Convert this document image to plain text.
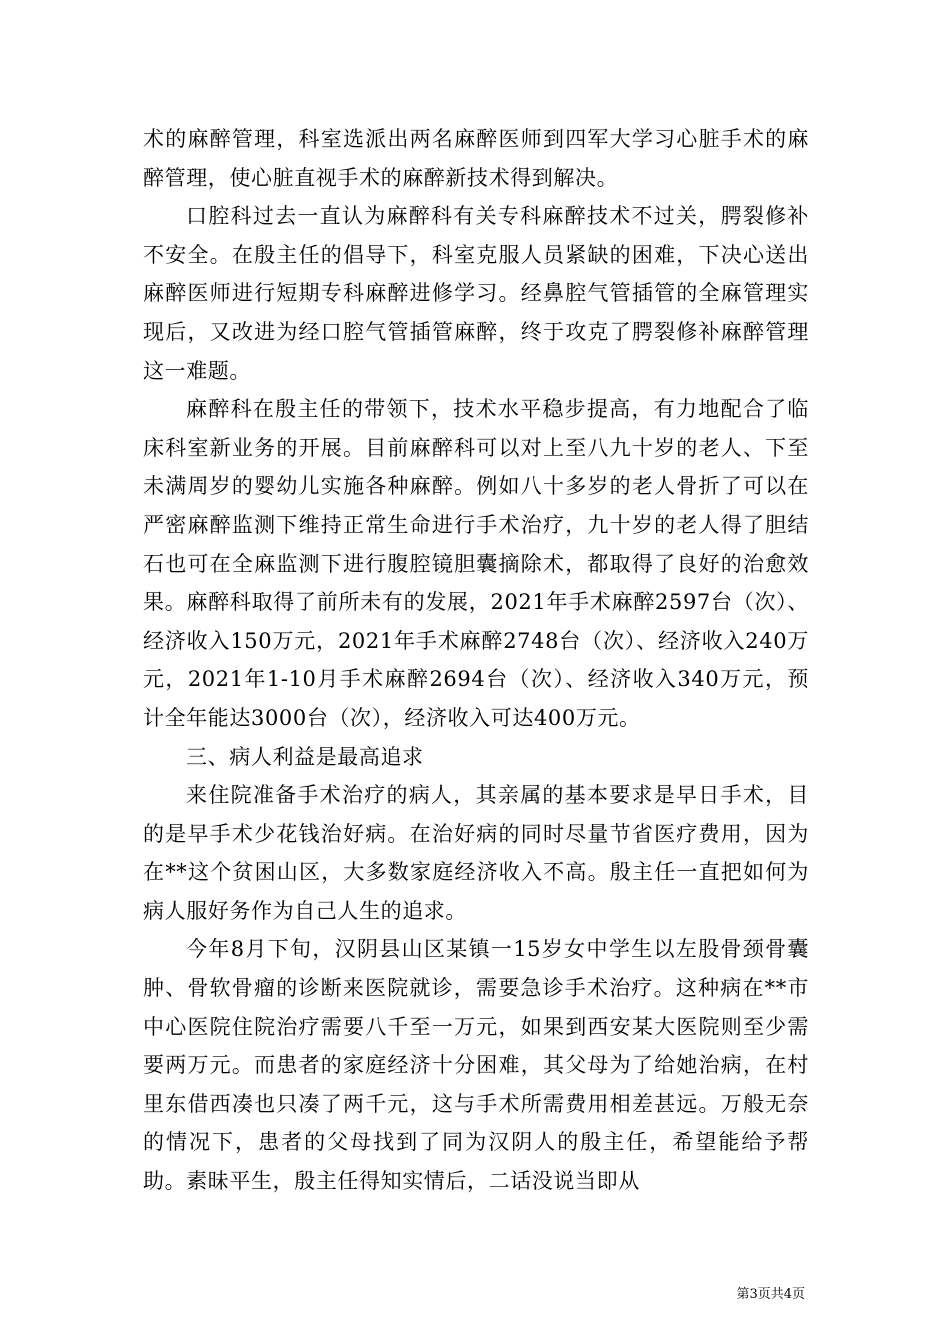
术的麻醉管理，科室选派出两名麻醉医师到四军大学习心脏手术的麻醉管理，使心脏直视手术的麻醉新技术得到解决。

口腔科过去一直认为麻醉科有关专科麻醉技术不过关，腭裂修补不安全。在殷主任的倡导下，科室克服人员紧缺的困难，下决心送出麻醉医师进行短期专科麻醉进修学习。经鼻腔气管插管的全麻管理实现后，又改进为经口腔气管插管麻醉，终于攻克了腭裂修补麻醉管理这一难题。

麻醉科在殷主任的带领下，技术水平稳步提高，有力地配合了临床科室新业务的开展。目前麻醉科可以对上至八九十岁的老人、下至未满周岁的婴幼儿实施各种麻醉。例如八十多岁的老人骨折了可以在严密麻醉监测下维持正常生命进行手术治疗，九十岁的老人得了胆结石也可在全麻监测下进行腹腔镜胆囊摘除术，都取得了良好的治愈效果。麻醉科取得了前所未有的发展，2021年手术麻醉2597台（次）、经济收入150万元，2021年手术麻醉2748台（次）、经济收入240万元，2021年1-10月手术麻醉2694台（次）、经济收入340万元，预计全年能达3000台（次），经济收入可达400万元。

三、病人利益是最高追求

来住院准备手术治疗的病人，其亲属的基本要求是早日手术，目的是早手术少花钱治好病。在治好病的同时尽量节省医疗费用，因为在**这个贫困山区，大多数家庭经济收入不高。殷主任一直把如何为病人服好务作为自己人生的追求。

今年8月下旬，汉阴县山区某镇一15岁女中学生以左股骨颈骨囊肿、骨软骨瘤的诊断来医院就诊，需要急诊手术治疗。这种病在**市中心医院住院治疗需要八千至一万元，如果到西安某大医院则至少需要两万元。而患者的家庭经济十分困难，其父母为了给她治病，在村里东借西凑也只凑了两千元，这与手术所需费用相差甚远。万般无奈的情况下，患者的父母找到了同为汉阴人的殷主任，希望能给予帮助。素昧平生，殷主任得知实情后，二话没说当即从

第3页共4页
